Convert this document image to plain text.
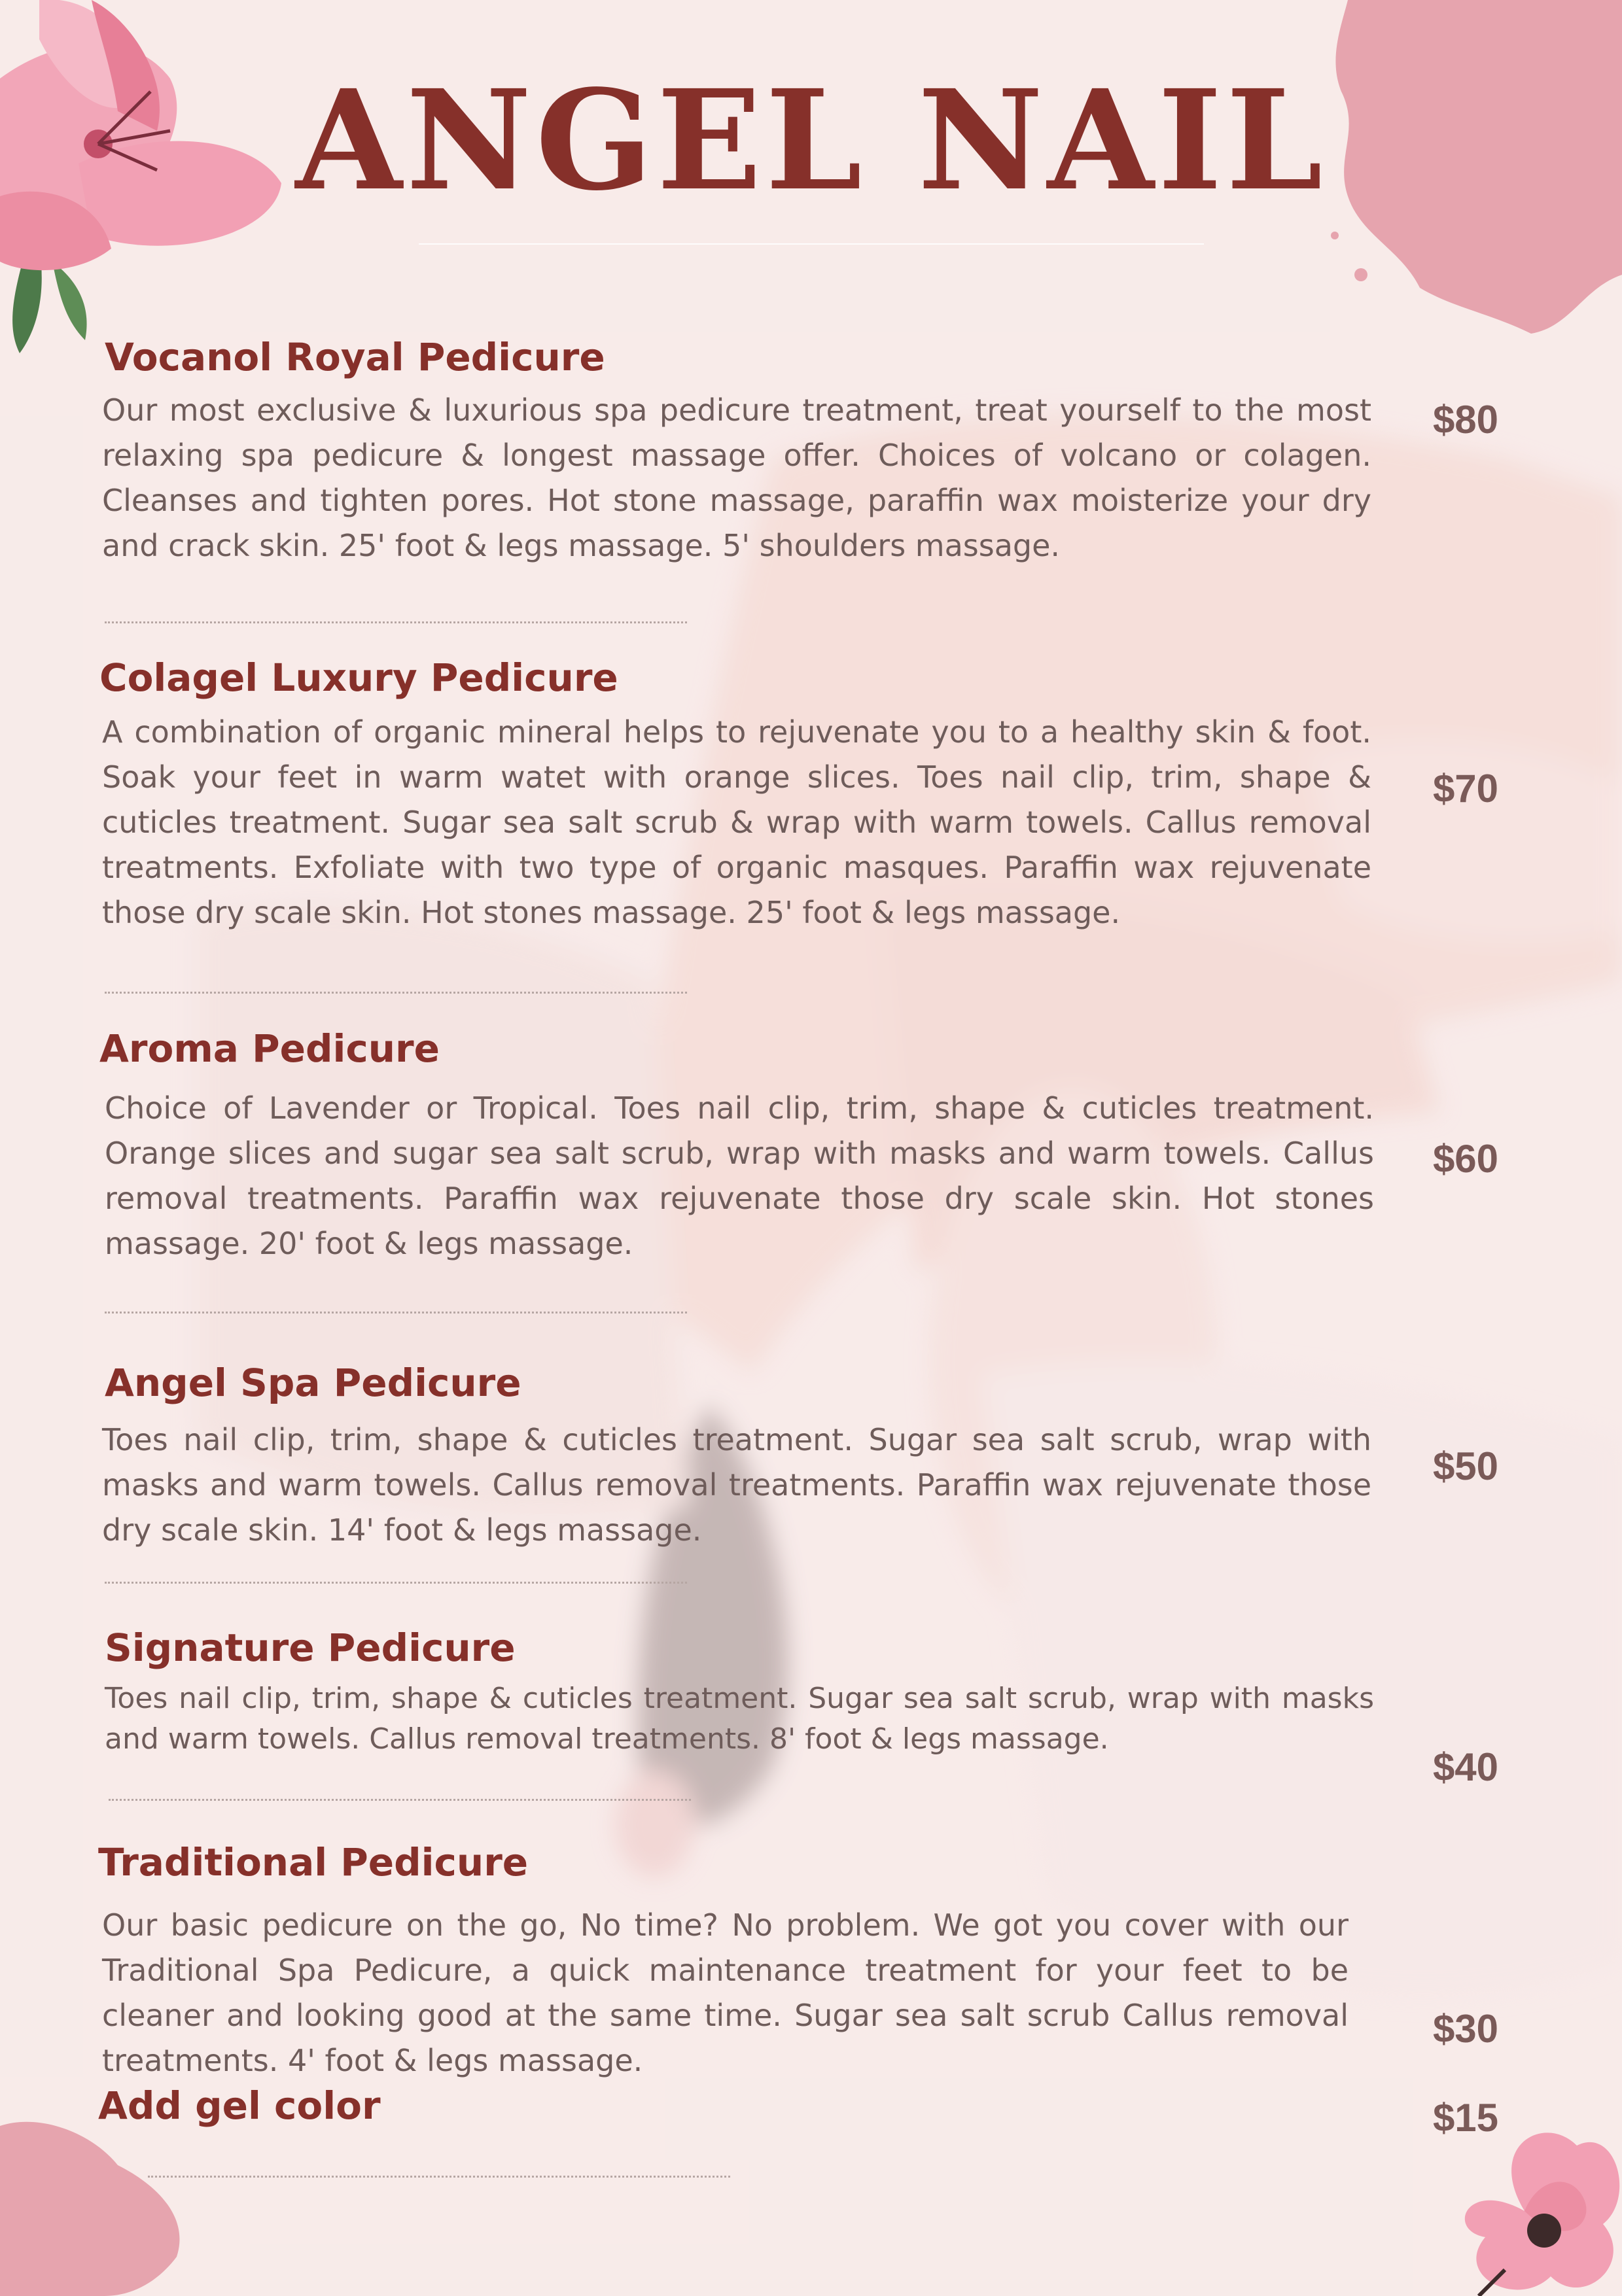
ANGEL NAIL
Vocanol Royal Pedicure
Our most exclusive & luxurious spa pedicure treatment, treat yourself to the most relaxing spa pedicure & longest massage offer. Choices of volcano or colagen. Cleanses and tighten pores. Hot stone massage, paraffin wax moisterize your dry and crack skin. 25' foot & legs massage. 5' shoulders massage.
$80
Colagel Luxury Pedicure
A combination of organic mineral helps to rejuvenate you to a healthy skin & foot. Soak your feet in warm watet with orange slices. Toes nail clip, trim, shape & cuticles treatment. Sugar sea salt scrub & wrap with warm towels. Callus removal treatments. Exfoliate with two type of organic masques. Paraffin wax rejuvenate those dry scale skin. Hot stones massage. 25' foot & legs massage.
$70
Aroma Pedicure
Choice of Lavender or Tropical. Toes nail clip, trim, shape & cuticles treatment. Orange slices and sugar sea salt scrub, wrap with masks and warm towels. Callus removal treatments. Paraffin wax rejuvenate those dry scale skin. Hot stones massage. 20' foot & legs massage.
$60
Angel Spa Pedicure
Toes nail clip, trim, shape & cuticles treatment. Sugar sea salt scrub, wrap with masks and warm towels. Callus removal treatments. Paraffin wax rejuvenate those dry scale skin. 14' foot & legs massage.
$50
Signature Pedicure
Toes nail clip, trim, shape & cuticles treatment. Sugar sea salt scrub, wrap with masks and warm towels. Callus removal treatments. 8' foot & legs massage.
$40
Traditional Pedicure
Our basic pedicure on the go, No time? No problem. We got you cover with our Traditional Spa Pedicure, a quick maintenance treatment for your feet to be cleaner and looking good at the same time. Sugar sea salt scrub Callus removal treatments. 4' foot & legs massage.
$30
Add gel color	$15
